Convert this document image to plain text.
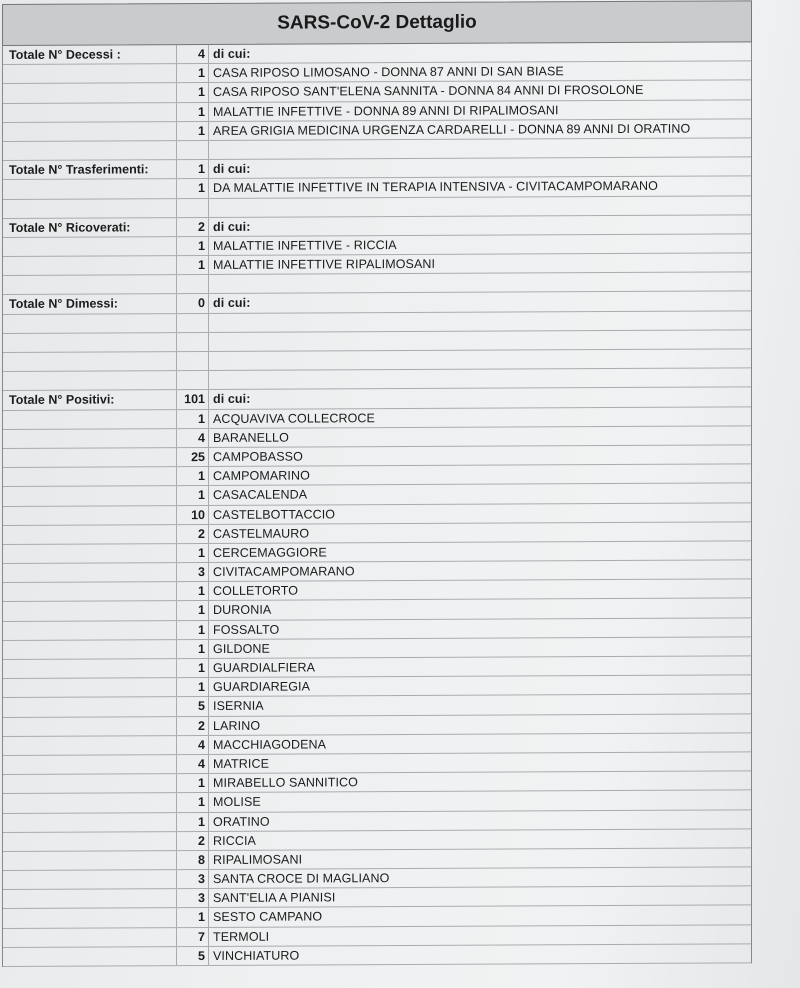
SARS-CoV-2 Dettaglio
Totale N° Decessi :	4 di cui:
1 CASA RIPOSO LIMOSANO - DONNA 87 ANNI DI SAN BIASE
1 CASA RIPOSO SANT'ELENA SANNITA - DONNA 84 ANNI DI FROSOLONE
1 MALATTIE INFETTIVE - DONNA 89 ANNI DI RIPALIMOSANI
1 AREA GRIGIA MEDICINA URGENZA CARDARELLI - DONNA 89 ANNI DI ORATINO
Totale N° Trasferimenti:	1 di cui:
1 DA MALATTIE INFETTIVE IN TERAPIA INTENSIVA - CIVITACAMPOMARANO
Totale N° Ricoverati:	2 di cui:
1 MALATTIE INFETTIVE - RICCIA
1 MALATTIE INFETTIVE RIPALIMOSANI
Totale N° Dimessi:	0 di cui:
Totale N° Positivi:	101 di cui:
1 ACQUAVIVA COLLECROCE
4 BARANELLO
25 CAMPOBASSO
1 CAMPOMARINO
1 CASACALENDA
10 CASTELBOTTACCIO
2 CASTELMAURO
1 CERCEMAGGIORE
3 CIVITACAMPOMARANO
1 COLLETORTO
1 DURONIA
1 FOSSALTO
1 GILDONE
1 GUARDIALFIERA
1 GUARDIAREGIA
5 ISERNIA
2 LARINO
4 MACCHIAGODENA
4 MATRICE
1 MIRABELLO SANNITICO
1 MOLISE
1 ORATINO
2 RICCIA
8 RIPALIMOSANI
3 SANTA CROCE DI MAGLIANO
3 SANT'ELIA A PIANISI
1 SESTO CAMPANO
7 TERMOLI
5 VINCHIATURO
